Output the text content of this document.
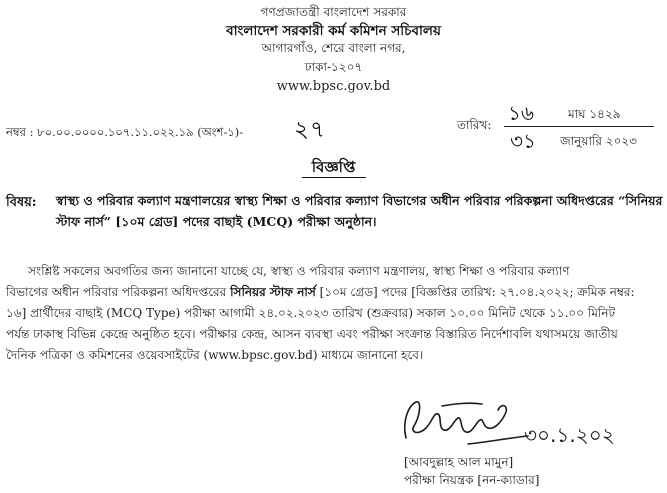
গণপ্রজাতন্ত্রী বাংলাদেশ সরকার
বাংলাদেশ সরকারী কর্ম কমিশন সচিবালয়
আগারগাঁও, শেরে বাংলা নগর,
ঢাকা-১২০৭
www.bpsc.gov.bd
নম্বর : ৮০.০০.০০০০.১০৭.১১.০২২.১৯ (অংশ-১)- ২৭	তারিখ: ১৬	মাঘ ১৪২৯
৩১ জানুয়ারি ২০২৩
বিজ্ঞপ্তি
বিষয়: স্বাস্থ্য ও পরিবার কল্যাণ মন্ত্রণালয়ের স্বাস্থ্য শিক্ষা ও পরিবার কল্যাণ বিভাগের অধীন পরিবার পরিকল্পনা অধিদপ্তরের “সিনিয়র
স্টাফ নার্স” [১০ম গ্রেড] পদের বাছাই (MCQ) পরীক্ষা অনুষ্ঠান।
সংশ্লিষ্ট সকলের অবগতির জন্য জানানো যাচ্ছে যে, স্বাস্থ্য ও পরিবার কল্যাণ মন্ত্রণালয়, স্বাস্থ্য শিক্ষা ও পরিবার কল্যাণ
বিভাগের অধীন পরিবার পরিকল্পনা অধিদপ্তরের সিনিয়র স্টাফ নার্স [১০ম গ্রেড] পদের [বিজ্ঞপ্তির তারিখ: ২৭.০৪.২০২২; ক্রমিক নম্বর:
১৬] প্রার্থীদের বাছাই (MCQ Type) পরীক্ষা আগামী ২৪.০২.২০২৩ তারিখ (শুক্রবার) সকাল ১০.০০ মিনিট থেকে ১১.০০ মিনিট
পর্যন্ত ঢাকাস্থ বিভিন্ন কেন্দ্রে অনুষ্ঠিত হবে। পরীক্ষার কেন্দ্র, আসন ব্যবস্থা এবং পরীক্ষা সংক্রান্ত বিস্তারিত নির্দেশাবলি যথাসময়ে জাতীয়
দৈনিক পত্রিকা ও কমিশনের ওয়েবসাইটের (www.bpsc.gov.bd) মাধ্যমে জানানো হবে।
৩০.১.২০২
[আবদুল্লাহ আল মামুন]
পরীক্ষা নিয়ন্ত্রক [নন-ক্যাডার]
